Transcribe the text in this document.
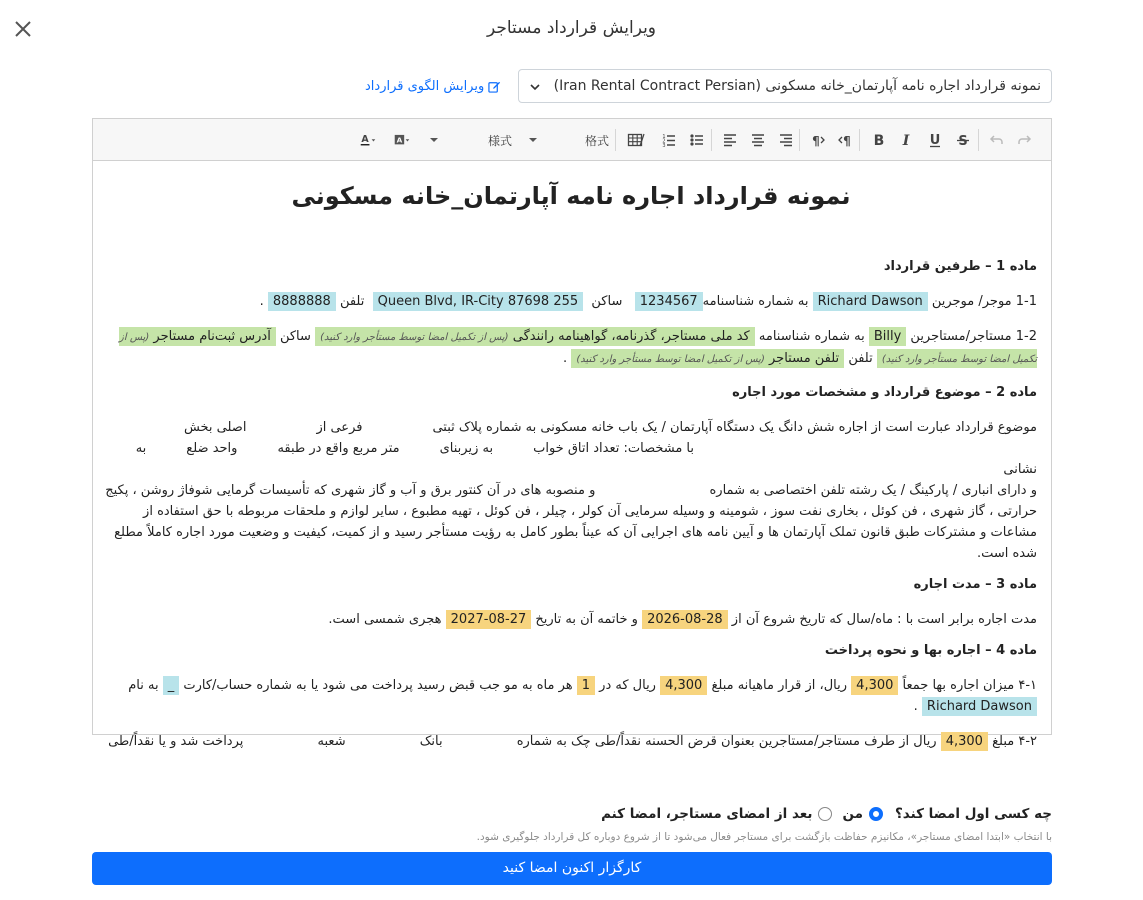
ویرایش قرارداد مستاجر
نمونه قرارداد اجاره نامه آپارتمان_خانه مسکونی (Iran Rental Contract Persian)
ویرایش الگوی قرارداد
S
U
I
B
¶
¶
1
2
3
格式
様式
A
A
نمونه قرارداد اجاره نامه آپارتمان_خانه مسکونی
ماده 1 – طرفین قرارداد
1-1 موجر/ موجرین Richard Dawson به شماره شناسنامه1234567   ساکن  Queen Blvd, IR-City 87698 255  تلفن 8888888 .
1-2 مستاجر/مستاجرین Billy به شماره شناسنامه کد ملی مستاجر، گذرنامه، گواهینامه رانندگی (پس از تکمیل امضا توسط مستأجر وارد کنید) ساکن آدرس ثبت‌نام مستاجر (پس از تکمیل امضا توسط مستأجر وارد کنید) تلفن تلفن مستاجر (پس از تکمیل امضا توسط مستأجر وارد کنید) .
ماده 2 – موضوع قرارداد و مشخصات مورد اجاره
موضوع قرارداد عبارت است از اجاره شش دانگ یک دستگاه آپارتمان / یک باب خانه مسکونی به شماره پلاک ثبتیفرعی ازاصلی بخش
با مشخصات: تعداد اتاق خواببه زیربنایمتر مربع واقع در طبقهواحد ضلعبه نشانی
و دارای انباری / پارکینگ / یک رشته تلفن اختصاصی به شماره و منصوبه های در آن کنتور برق و آب و گاز شهری که تأسیسات گرمایی شوفاژ روشن ، پکیج حرارتی ، گاز شهری ، فن کوئل ، بخاری نفت سوز ، شومینه و وسیله سرمایی آن کولر ، چیلر ، فن کوئل ، تهیه مطبوع ، سایر لوازم و ملحقات مربوطه با حق استفاده از مشاعات و مشترکات طبق قانون تملک آپارتمان ها و آیین نامه های اجرایی آن که عیناً بطور کامل به رؤیت مستأجر رسید و از کمیت، کیفیت و وضعیت مورد اجاره کاملاً مطلع شده است.
ماده 3 – مدت اجاره
مدت اجاره برابر است با : ماه/سال که تاریخ شروع آن از 28-08-2026 و خاتمه آن به تاریخ 27-08-2027 هجری شمسی است.
ماده 4 – اجاره بها و نحوه پرداخت
۴-۱ میزان اجاره بها جمعاً 4,300 ریال، از قرار ماهیانه مبلغ 4,300 ریال که در 1 هر ماه به مو جب قبض رسید پرداخت می شود یا به شماره حساب/کارت _ به نام Richard Dawson .
۴-۲ مبلغ 4,300 ریال از طرف مستاجر/مستاجرین بعنوان قرض الحسنه نقداً/طی چک به شماره بانک شعبه پرداخت شد و یا نقداً/طی
چه کسی اول امضا کند؟
من
بعد از امضای مستاجر، امضا کنم
با انتخاب «ابتدا امضای مستاجر»، مکانیزم حفاظت بازگشت برای مستاجر فعال می‌شود تا از شروع دوباره کل قرارداد جلوگیری شود.
کارگزار اکنون امضا کنید
